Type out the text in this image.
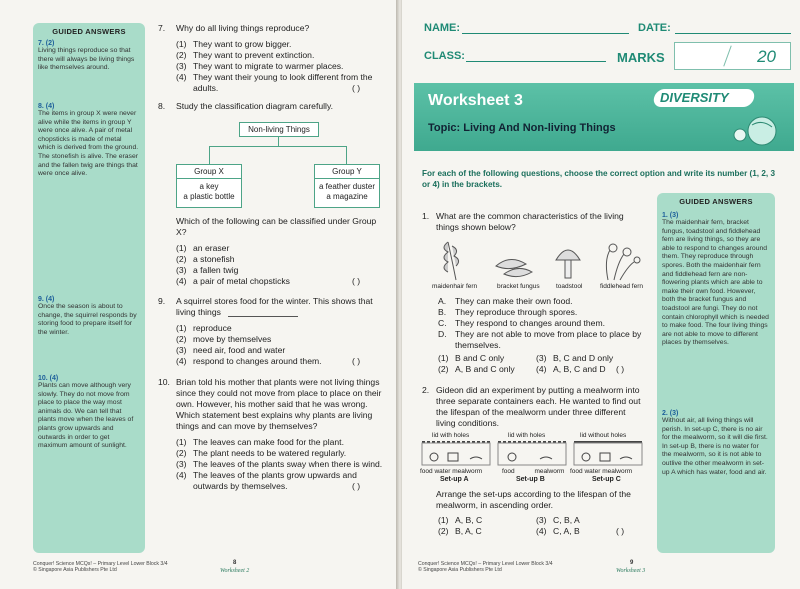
GUIDED ANSWERS
7. (2)
Living things reproduce so that there will always be living things like themselves around.
8. (4)
The items in group X were never alive while the items in group Y were once alive. A pair of metal chopsticks is made of metal which is derived from the ground. The stonefish is alive. The eraser and the fallen twig are things that were once alive.
9. (4)
Once the season is about to change, the squirrel responds by storing food to prepare itself for the winter.
10. (4)
Plants can move although very slowly. They do not move from place to place the way most animals do. We can tell that plants move when the leaves of plants grow upwards and outwards in order to get maximum amount of sunlight.
7. Why do all living things reproduce?
(1) They want to grow bigger.
(2) They want to prevent extinction.
(3) They want to migrate to warmer places.
(4) They want their young to look different from the
adults.	( )
8. Study the classification diagram carefully.
Non-living Things
Group X
a key
a plastic bottle
Group Y
a feather duster
a magazine
Which of the following can be classified under Group
X?
(1) an eraser
(2) a stonefish
(3) a fallen twig
(4) a pair of metal chopsticks	( )
9. A squirrel stores food for the winter. This shows that
living things
(1) reproduce
(2) move by themselves
(3) need air, food and water
(4) respond to changes around them.	( )
10. Brian told his mother that plants were not living things
since they could not move from place to place on their
own. However, his mother said that he was wrong.
Which statement best explains why plants are living
things and can move by themselves?
(1) The leaves can make food for the plant.
(2) The plant needs to be watered regularly.
(3) The leaves of the plants sway when there is wind.
(4) The leaves of the plants grow upwards and
outwards by themselves.	( )
Conquer! Science MCQs! – Primary Level Lower Block 3/4
© Singapore Asia Publishers Pte Ltd
8
Worksheet 2
NAME:	DATE:
CLASS:	MARKS	20
Worksheet 3
Topic: Living And Non-living Things
DIVERSITY
For each of the following questions, choose the correct option and write its number (1, 2, 3 or 4) in the brackets.
GUIDED ANSWERS
1. (3)
The maidenhair fern, bracket fungus, toadstool and fiddlehead fern are living things, so they are able to respond to changes around them. They reproduce through spores. Both the maidenhair fern and fiddlehead fern are non-flowering plants which are able to make their own food. However, both the bracket fungus and toadstool are fungi. They do not contain chlorophyll which is needed to make food. The four living things are not able to move to different places by themselves.
2. (3)
Without air, all living things will perish. In set-up C, there is no air for the mealworm, so it will die first. In set-up B, there is no water for the mealworm, so it is not able to outlive the other mealworm in set-up A which has water, food and air.
1. What are the common characteristics of the living
things shown below?
maidenhair fern	bracket fungus	toadstool	fiddlehead fern
A. They can make their own food.
B. They reproduce through spores.
C. They respond to changes around them.
D. They are not able to move from place to place by
themselves.
(1) B and C only
(2) A, B and C only
(3) B, C and D only
(4) A, B, C and D ( )
2. Gideon did an experiment by putting a mealworm into
three separate containers each. He wanted to find out
the lifespan of the mealworm under three different
living conditions.
lid with holes	lid with holes	lid without holes
food water mealworm	food	mealworm food water mealworm
Set-up A	Set-up B	Set-up C
Arrange the set-ups according to the lifespan of the
mealworm, in ascending order.
(1) A, B, C
(2) B, A, C
(3) C, B, A
(4) C, A, B	( )
Conquer! Science MCQs! – Primary Level Lower Block 3/4
© Singapore Asia Publishers Pte Ltd
9
Worksheet 3
